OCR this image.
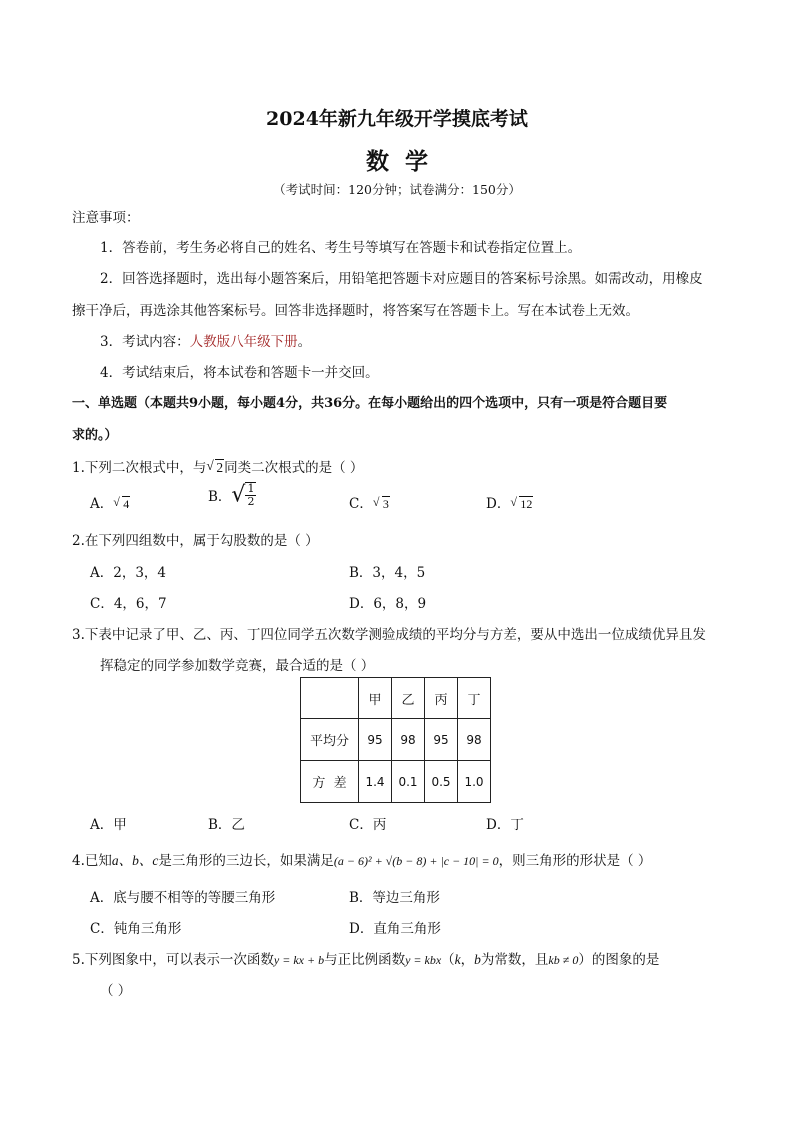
2024年新九年级开学摸底考试
数学
（考试时间：120分钟；试卷满分：150分）
注意事项：
1．答卷前，考生务必将自己的姓名、考生号等填写在答题卡和试卷指定位置上。
2．回答选择题时，选出每小题答案后，用铅笔把答题卡对应题目的答案标号涂黑。如需改动，用橡皮
擦干净后，再选涂其他答案标号。回答非选择题时，将答案写在答题卡上。写在本试卷上无效。
3．考试内容：人教版八年级下册。
4．考试结束后，将本试卷和答题卡一并交回。
一、单选题（本题共9小题，每小题4分，共36分。在每小题给出的四个选项中，只有一项是符合题目要
求的。）
1.下列二次根式中，与 √ 2同类二次根式的是（ ）
A． √ 4	B．√ $\frac{1}{2}$	C． √ 3	D． √ 12
2.在下列四组数中，属于勾股数的是（ ）
A．2，3，4	B．3，4，5
C．4，6，7	D．6，8，9
3.下表中记录了甲、乙、丙、丁四位同学五次数学测验成绩的平均分与方差，要从中选出一位成绩优异且发
挥稳定的同学参加数学竞赛，最合适的是（ ）
	甲	乙	丙	丁
平均分	95	98	95	98
方  差	1.4	0.1	0.5	1.0
A．甲	B．乙	C．丙	D．丁
4.已知a、b、c是三角形的三边长，如果满足(a − 6)² + √(b − 8) + |c − 10| = 0，则三角形的形状是（ ）
A．底与腰不相等的等腰三角形	B．等边三角形
C．钝角三角形	D．直角三角形
5.下列图象中，可以表示一次函数y = kx + b与正比例函数y = kbx（k，b为常数，且kb ≠ 0）的图象的是
（ ）
